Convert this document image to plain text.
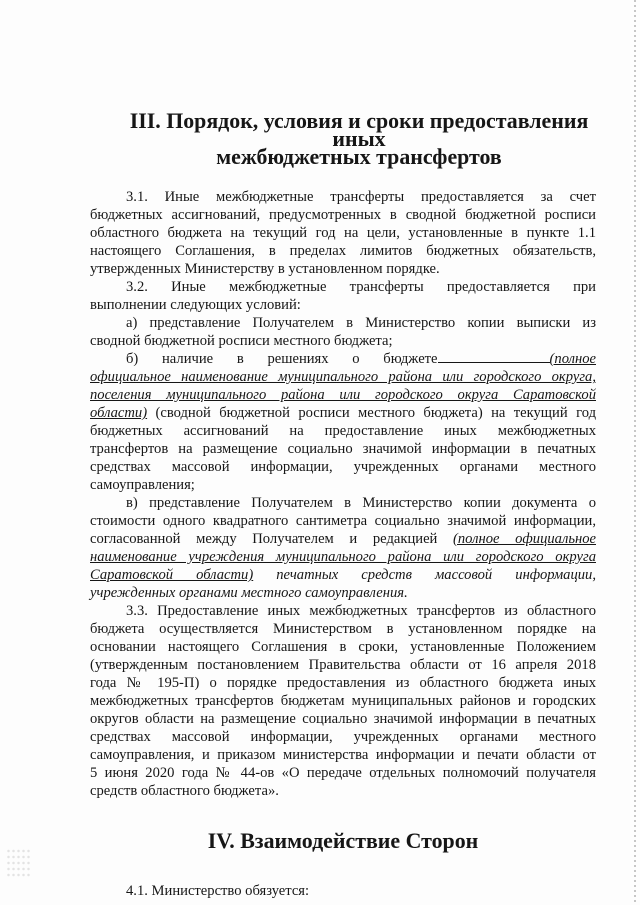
III. Порядок, условия и сроки предоставления иных
межбюджетных трансфертов
3.1. Иные межбюджетные трансферты предоставляется за счет
бюджетных ассигнований, предусмотренных в сводной бюджетной росписи
областного бюджета на текущий год на цели, установленные в пункте 1.1
настоящего Соглашения, в пределах лимитов бюджетных обязательств,
утвержденных Министерству в установленном порядке.
3.2. Иные межбюджетные трансферты предоставляется при
выполнении следующих условий:
а) представление Получателем в Министерство копии выписки из
сводной бюджетной росписи местного бюджета;
б) наличие в решениях о бюджете	(полное
официальное наименование муниципального района или городского округа,
поселения муниципального района или городского округа Саратовской
области) (сводной бюджетной росписи местного бюджета) на текущий год
бюджетных ассигнований на предоставление иных межбюджетных
трансфертов на размещение социально значимой информации в печатных
средствах массовой информации, учрежденных органами местного
самоуправления;
в) представление Получателем в Министерство копии документа о
стоимости одного квадратного сантиметра социально значимой информации,
согласованной между Получателем и редакцией (полное официальное
наименование учреждения муниципального района или городского округа
Саратовской области) печатных средств массовой информации,
учрежденных органами местного самоуправления.
3.3. Предоставление иных межбюджетных трансфертов из областного
бюджета осуществляется Министерством в установленном порядке на
основании настоящего Соглашения в сроки, установленные Положением
(утвержденным постановлением Правительства области от 16 апреля 2018
года № 195-П) о порядке предоставления из областного бюджета иных
межбюджетных трансфертов бюджетам муниципальных районов и городских
округов области на размещение социально значимой информации в печатных
средствах массовой информации, учрежденных органами местного
самоуправления, и приказом министерства информации и печати области от
5 июня 2020 года № 44-ов «О передаче отдельных полномочий получателя
средств областного бюджета».
IV. Взаимодействие Сторон
4.1. Министерство обязуется:
